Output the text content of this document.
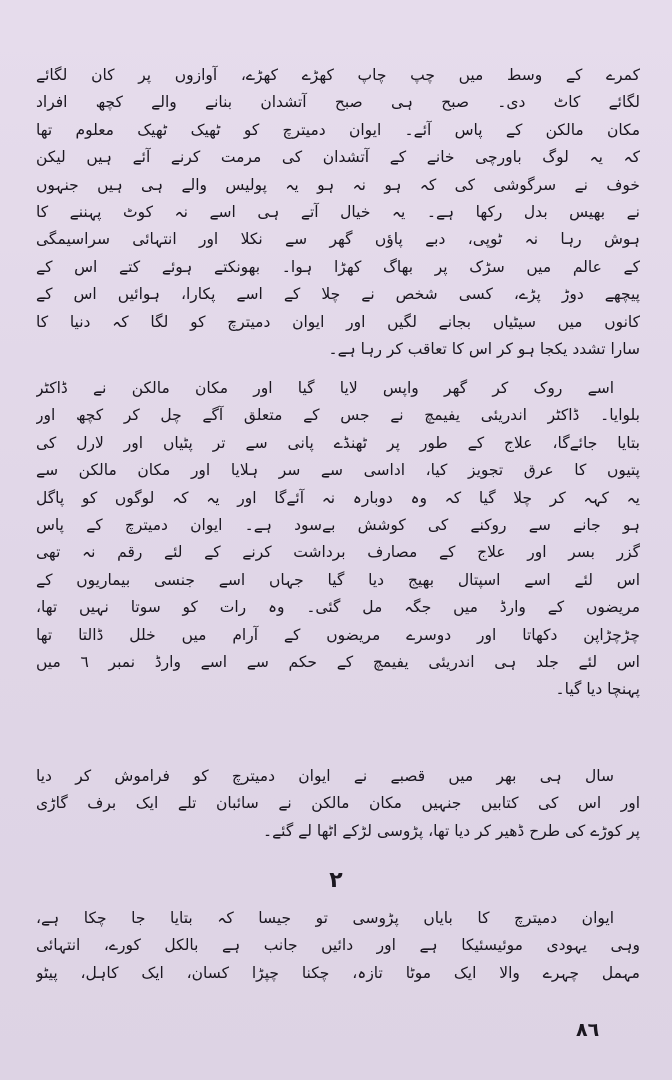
کمرے کے وسط میں چپ چاپ کھڑے کھڑے، آوازوں پر کان لگائے
لگائے کاٹ دی۔ صبح ہی صبح آتشدان بنانے والے کچھ افراد
مکان مالکن کے پاس آئے۔ ایوان دمیترچ کو ٹھیک ٹھیک معلوم تھا
کہ یہ لوگ باورچی خانے کے آتشدان کی مرمت کرنے آئے ہیں لیکن
خوف نے سرگوشی کی کہ ہو نہ ہو یہ پولیس والے ہی ہیں جنہوں
نے بھیس بدل رکھا ہے۔ یہ خیال آتے ہی اسے نہ کوٹ پہننے کا
ہوش رہا نہ ٹوپی، دبے پاؤں گھر سے نکلا اور انتہائی سراسیمگی
کے عالم میں سڑک پر بھاگ کھڑا ہوا۔ بھونکتے ہوئے کتے اس کے
پیچھے دوڑ پڑے، کسی شخص نے چلا کے اسے پکارا، ہوائیں اس کے
کانوں میں سیٹیاں بجانے لگیں اور ایوان دمیترچ کو لگا کہ دنیا کا
سارا تشدد یکجا ہو کر اس کا تعاقب کر رہا ہے۔
اسے روک کر گھر واپس لایا گیا اور مکان مالکن نے ڈاکٹر
بلوایا۔ ڈاکٹر اندریئی یفیمچ نے جس کے متعلق آگے چل کر کچھ اور
بتایا جائےگا، علاج کے طور پر ٹھنڈے پانی سے تر پٹیاں اور لارل کی
پتیوں کا عرق تجویز کیا، اداسی سے سر ہلایا اور مکان مالکن سے
یہ کہہ کر چلا گیا کہ وہ دوبارہ نہ آئےگا اور یہ کہ لوگوں کو پاگل
ہو جانے سے روکنے کی کوشش بےسود ہے۔ ایوان دمیترچ کے پاس
گزر بسر اور علاج کے مصارف برداشت کرنے کے لئے رقم نہ تھی
اس لئے اسے اسپتال بھیج دیا گیا جہاں اسے جنسی بیماریوں کے
مریضوں کے وارڈ میں جگہ مل گئی۔ وہ رات کو سوتا نہیں تھا،
چڑچڑاپن دکھاتا اور دوسرے مریضوں کے آرام میں خلل ڈالتا تھا
اس لئے جلد ہی اندریئی یفیمچ کے حکم سے اسے وارڈ نمبر ٦ میں
پہنچا دیا گیا۔
سال ہی بھر میں قصبے نے ایوان دمیترچ کو فراموش کر دیا
اور اس کی کتابیں جنہیں مکان مالکن نے سائبان تلے ایک برف گاڑی
پر کوڑے کی طرح ڈھیر کر دیا تھا، پڑوسی لڑکے اٹھا لے گئے۔
۲
ایوان دمیترچ کا بایاں پڑوسی تو جیسا کہ بتایا جا چکا ہے،
وہی یہودی موئیسئیکا ہے اور دائیں جانب ہے بالکل کورے، انتہائی
مہمل چہرے والا ایک موٹا تازہ، چکنا چپڑا کسان، ایک کاہل، پیٹو
۸٦
